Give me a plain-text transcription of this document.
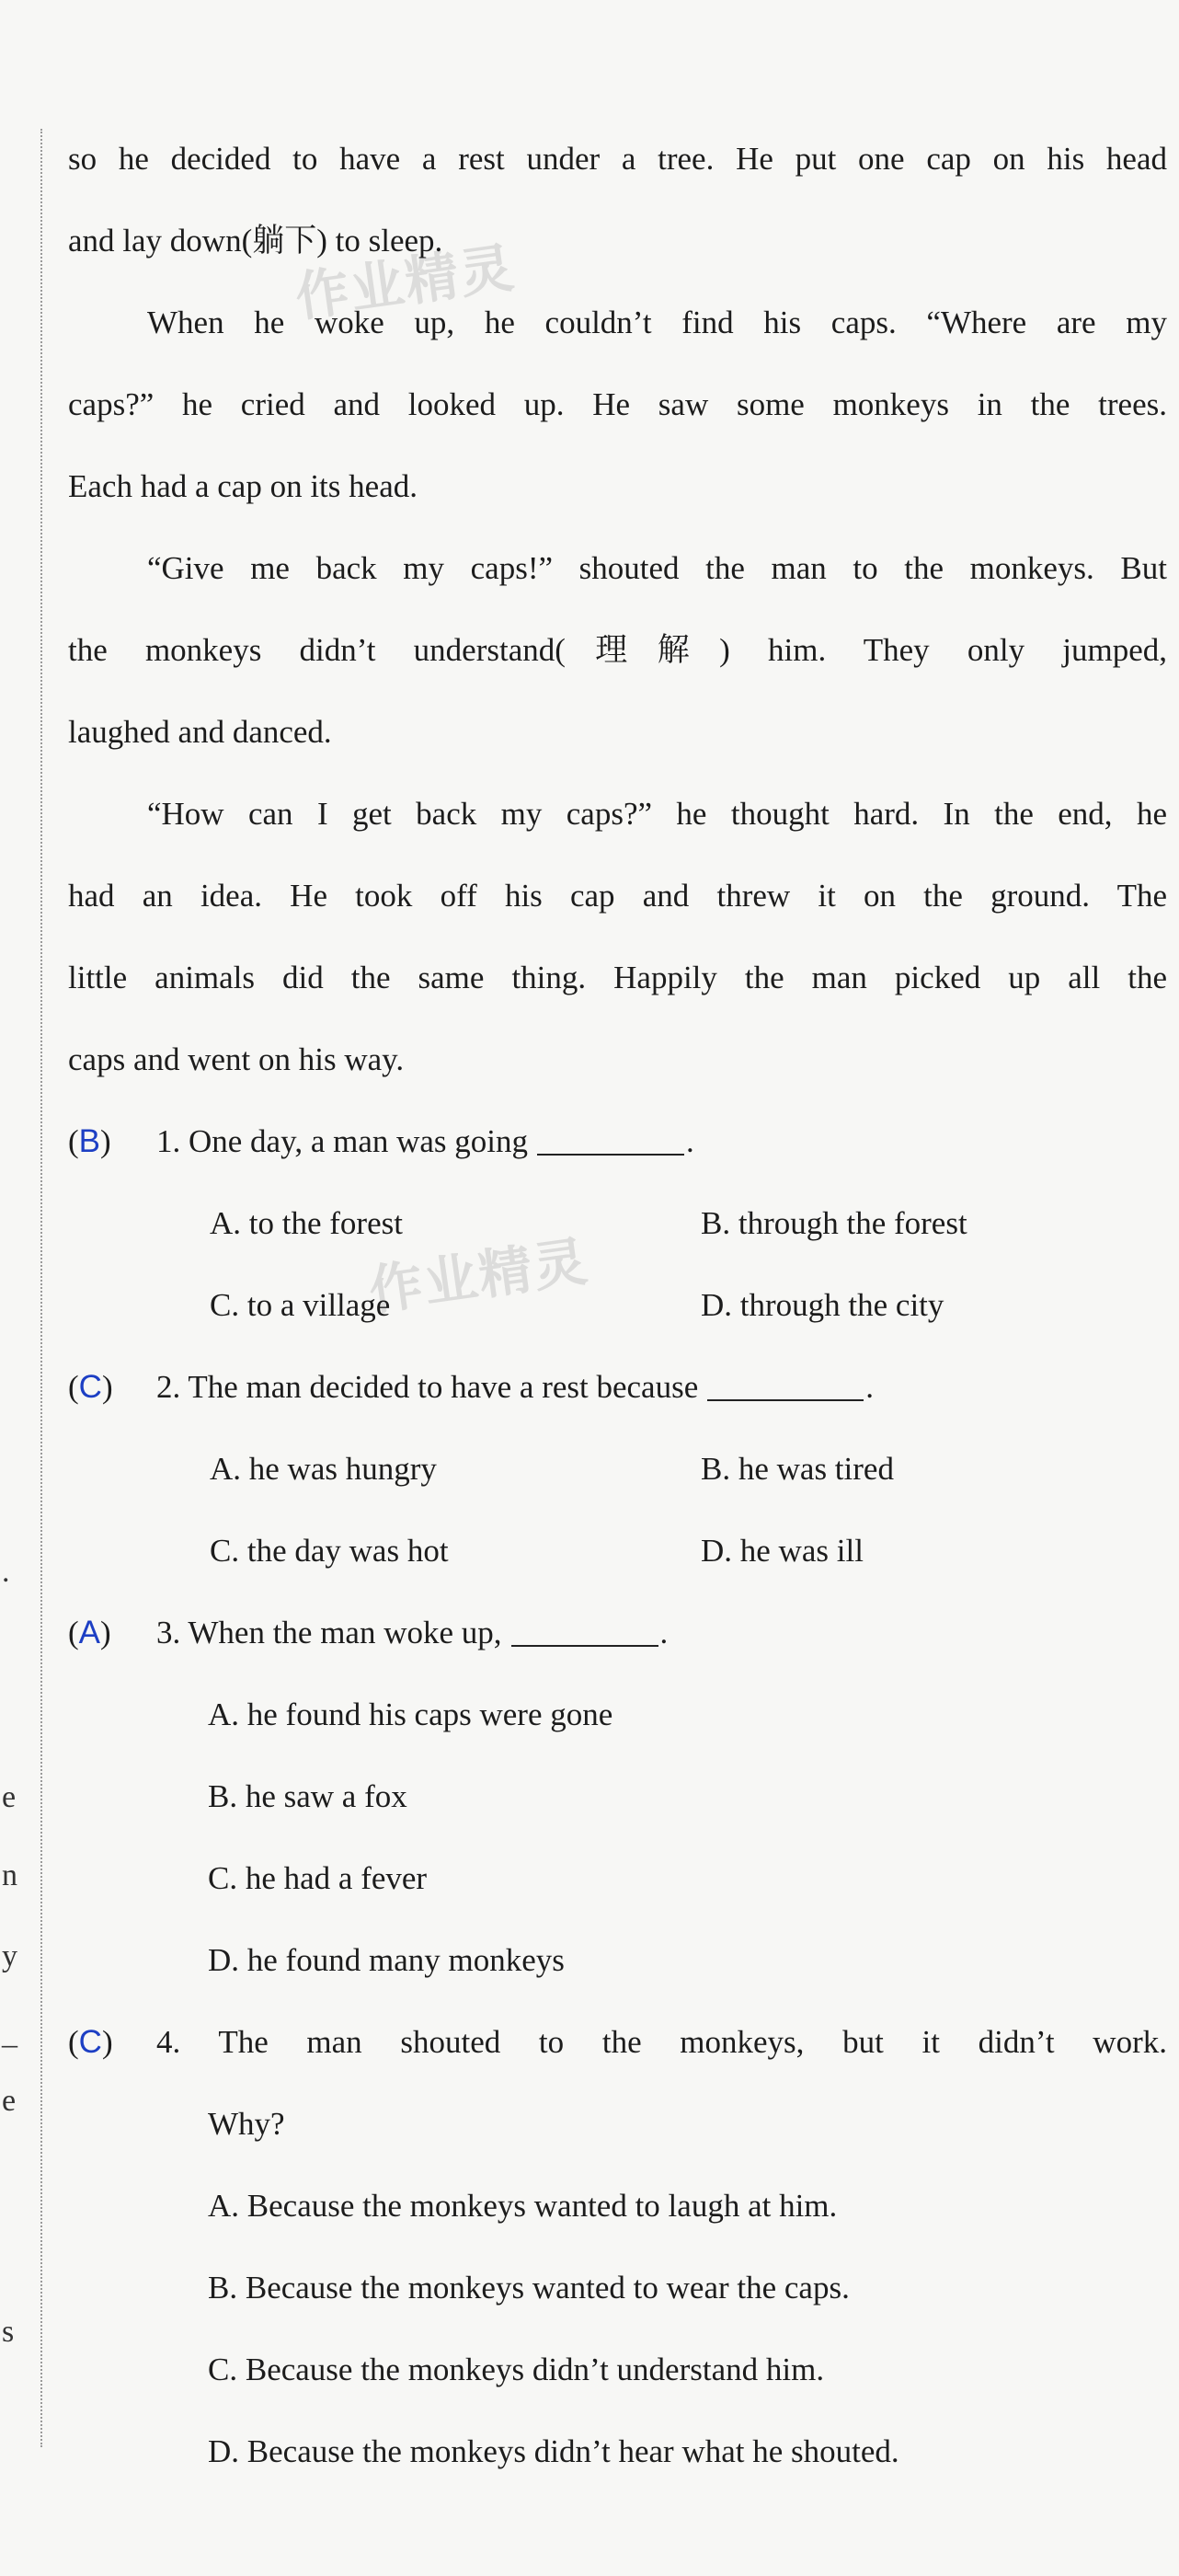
.
e
n
y
_
e
s
作业精灵
作业精灵
so he decided to have a rest under a tree. He put one cap on his head
and lay down(躺下) to sleep.
When he woke up, he couldn’t find his caps. “Where are my
caps?” he cried and looked up. He saw some monkeys in the trees.
Each had a cap on its head.
“Give me back my caps!” shouted the man to the monkeys. But
the monkeys didn’t understand(理解) him. They only jumped,
laughed and danced.
“How can I get back my caps?” he thought hard. In the end, he
had an idea. He took off his cap and threw it on the ground. The
little animals did the same thing. Happily the man picked up all the
caps and went on his way.
(B) 1. One day, a man was going	.
A. to the forest	B. through the forest
C. to a village	D. through the city
(C) 2. The man decided to have a rest because	.
A. he was hungry	B. he was tired
C. the day was hot	D. he was ill
(A) 3. When the man woke up,	.
A. he found his caps were gone
B. he saw a fox
C. he had a fever
D. he found many monkeys
(C) 4. The man shouted to the monkeys, but it didn’t work.
Why?
A. Because the monkeys wanted to laugh at him.
B. Because the monkeys wanted to wear the caps.
C. Because the monkeys didn’t understand him.
D. Because the monkeys didn’t hear what he shouted.
